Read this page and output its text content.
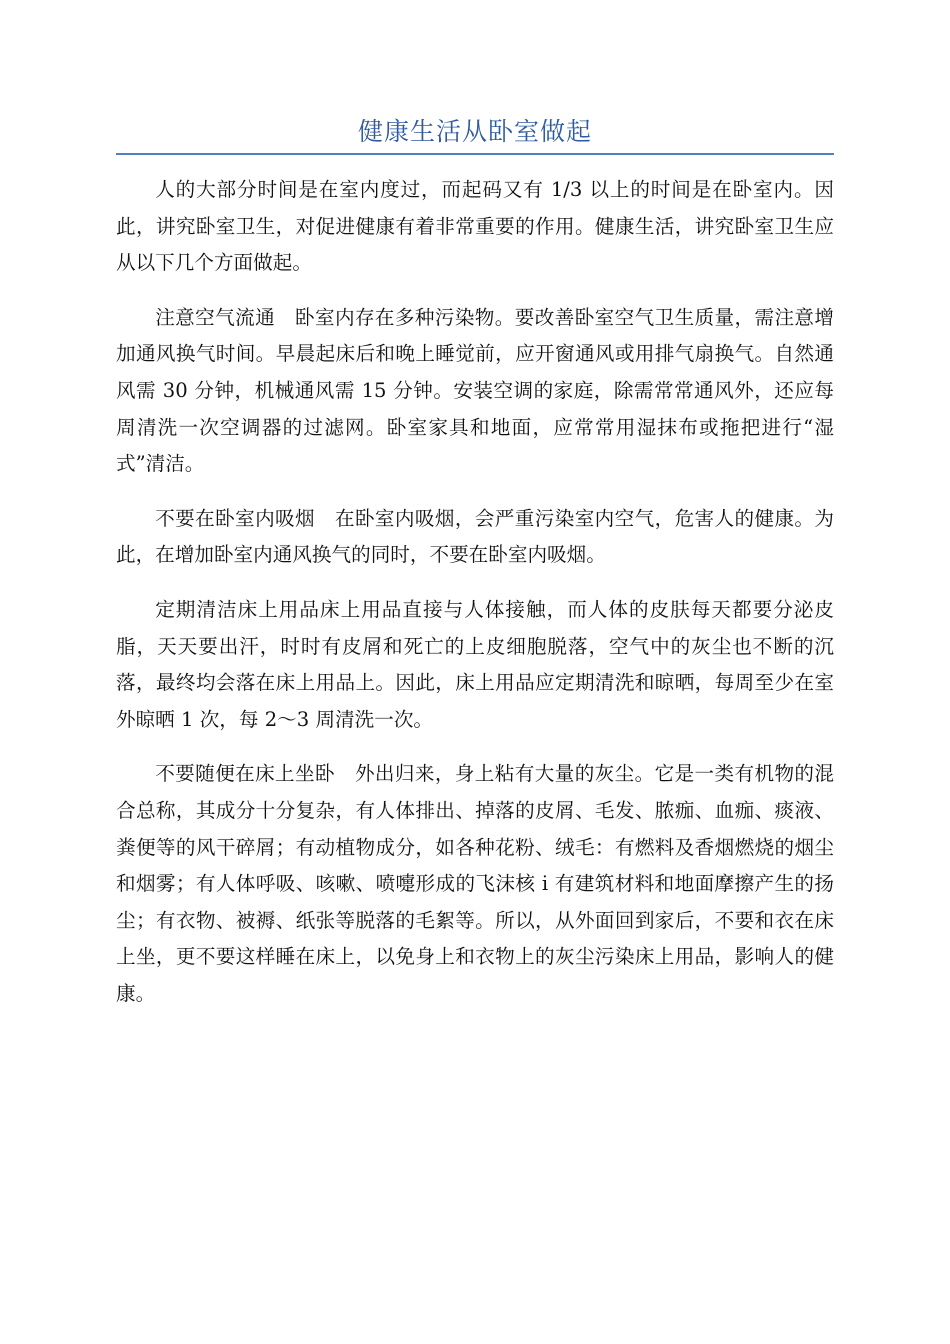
健康生活从卧室做起

人的大部分时间是在室内度过，而起码又有 1/3 以上的时间是在卧室内。因此，讲究卧室卫生，对促进健康有着非常重要的作用。健康生活，讲究卧室卫生应从以下几个方面做起。

注意空气流通　卧室内存在多种污染物。要改善卧室空气卫生质量，需注意增加通风换气时间。早晨起床后和晚上睡觉前，应开窗通风或用排气扇换气。自然通风需 30 分钟，机械通风需 15 分钟。安装空调的家庭，除需常常通风外，还应每周清洗一次空调器的过滤网。卧室家具和地面，应常常用湿抹布或拖把进行“湿式”清洁。

不要在卧室内吸烟　在卧室内吸烟，会严重污染室内空气，危害人的健康。为此，在增加卧室内通风换气的同时，不要在卧室内吸烟。

定期清洁床上用品床上用品直接与人体接触，而人体的皮肤每天都要分泌皮脂，天天要出汗，时时有皮屑和死亡的上皮细胞脱落，空气中的灰尘也不断的沉落，最终均会落在床上用品上。因此，床上用品应定期清洗和晾晒，每周至少在室外晾晒 1 次，每 2～3 周清洗一次。

不要随便在床上坐卧　外出归来，身上粘有大量的灰尘。它是一类有机物的混合总称，其成分十分复杂，有人体排出、掉落的皮屑、毛发、脓痂、血痂、痰液、粪便等的风干碎屑；有动植物成分，如各种花粉、绒毛：有燃料及香烟燃烧的烟尘和烟雾；有人体呼吸、咳嗽、喷嚏形成的飞沫核 i 有建筑材料和地面摩擦产生的扬尘；有衣物、被褥、纸张等脱落的毛絮等。所以，从外面回到家后，不要和衣在床上坐，更不要这样睡在床上，以免身上和衣物上的灰尘污染床上用品，影响人的健康。
